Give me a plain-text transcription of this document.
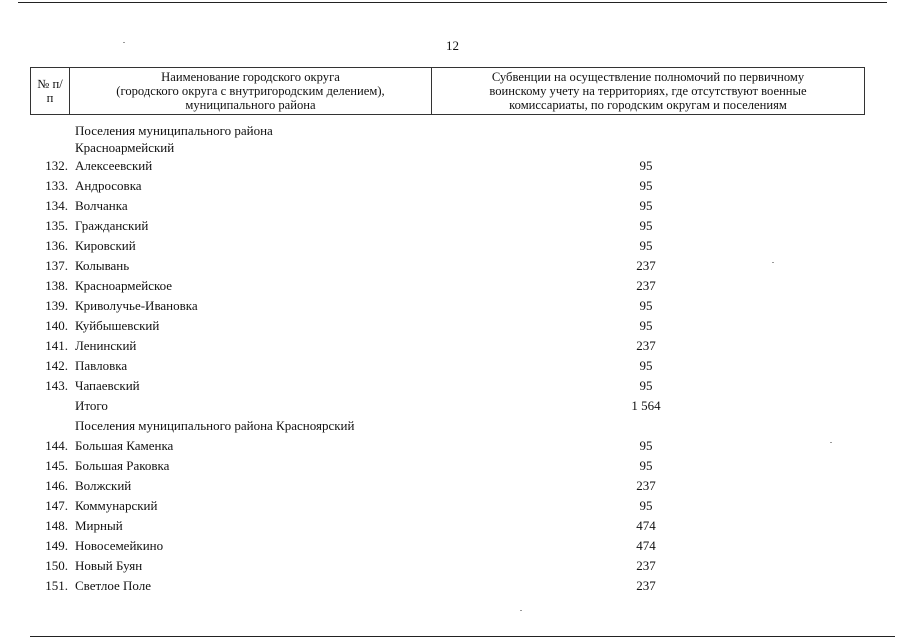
12
№ п/п	
Наименование городского округа
(городского округа с внутригородским делением),
муниципального района

Субвенции на осуществление полномочий по первичному
воинскому учету на территориях, где отсутствуют военные
комиссариаты, по городским округам и поселениям
Поселения муниципального района
Красноармейский
132. Алексеевский	95
133. Андросовка	95
134. Волчанка	95
135. Гражданский	95
136. Кировский	95
137. Колывань	237
138. Красноармейское	237
139. Криволучье-Ивановка	95
140. Куйбышевский	95
141. Ленинский	237
142. Павловка	95
143. Чапаевский	95
Итого	1 564
Поселения муниципального района Красноярский
144. Большая Каменка	95
145. Большая Раковка	95
146. Волжский	237
147. Коммунарский	95
148. Мирный	474
149. Новосемейкино	474
150. Новый Буян	237
151. Светлое Поле	237
